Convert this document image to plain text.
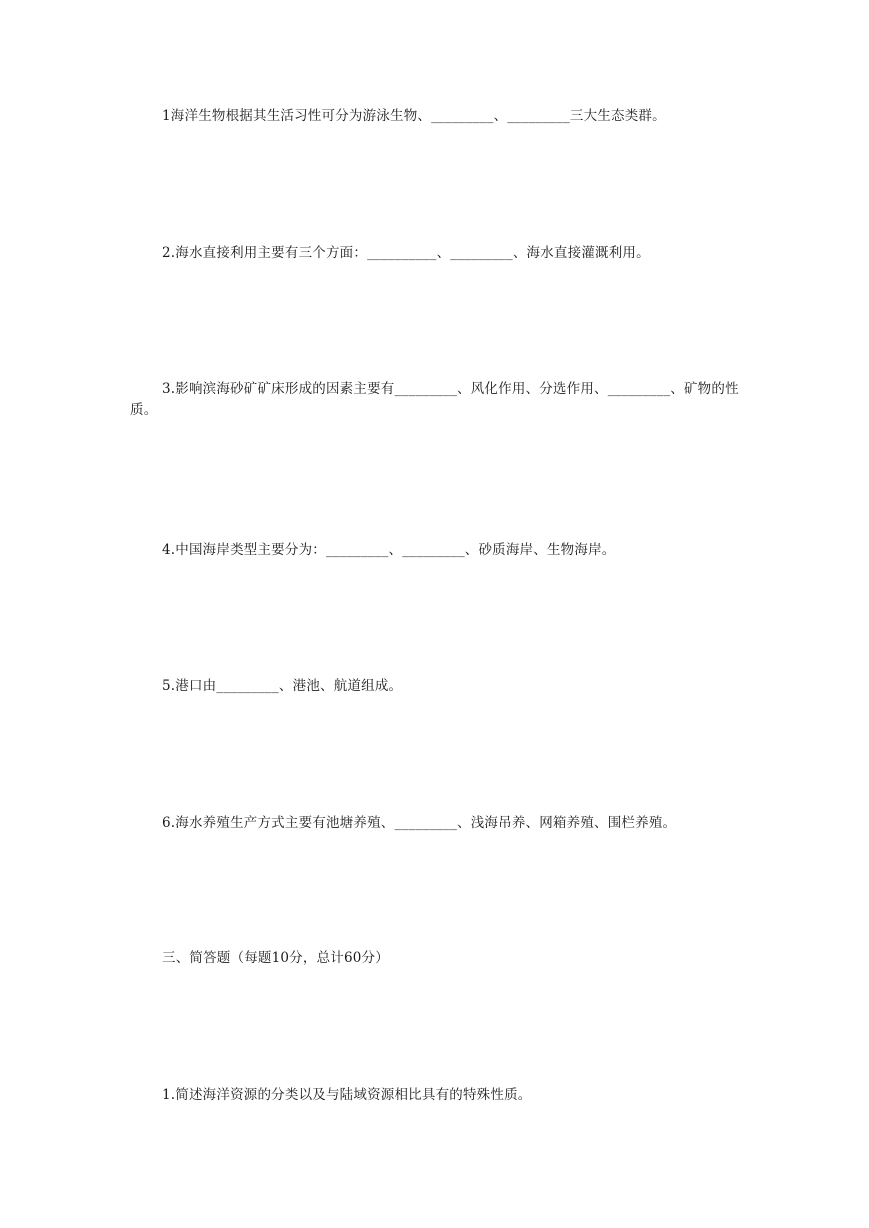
1海洋生物根据其生活习性可分为游泳生物、_________、_________三大生态类群。
2.海水直接利用主要有三个方面：__________、_________、海水直接灌溉利用。
3.影响滨海砂矿矿床形成的因素主要有_________、风化作用、分选作用、_________、矿物的性质。
4.中国海岸类型主要分为：_________、_________、砂质海岸、生物海岸。
5.港口由_________、港池、航道组成。
6.海水养殖生产方式主要有池塘养殖、_________、浅海吊养、网箱养殖、围栏养殖。
三、简答题（每题10分，总计60分）
1.简述海洋资源的分类以及与陆域资源相比具有的特殊性质。
